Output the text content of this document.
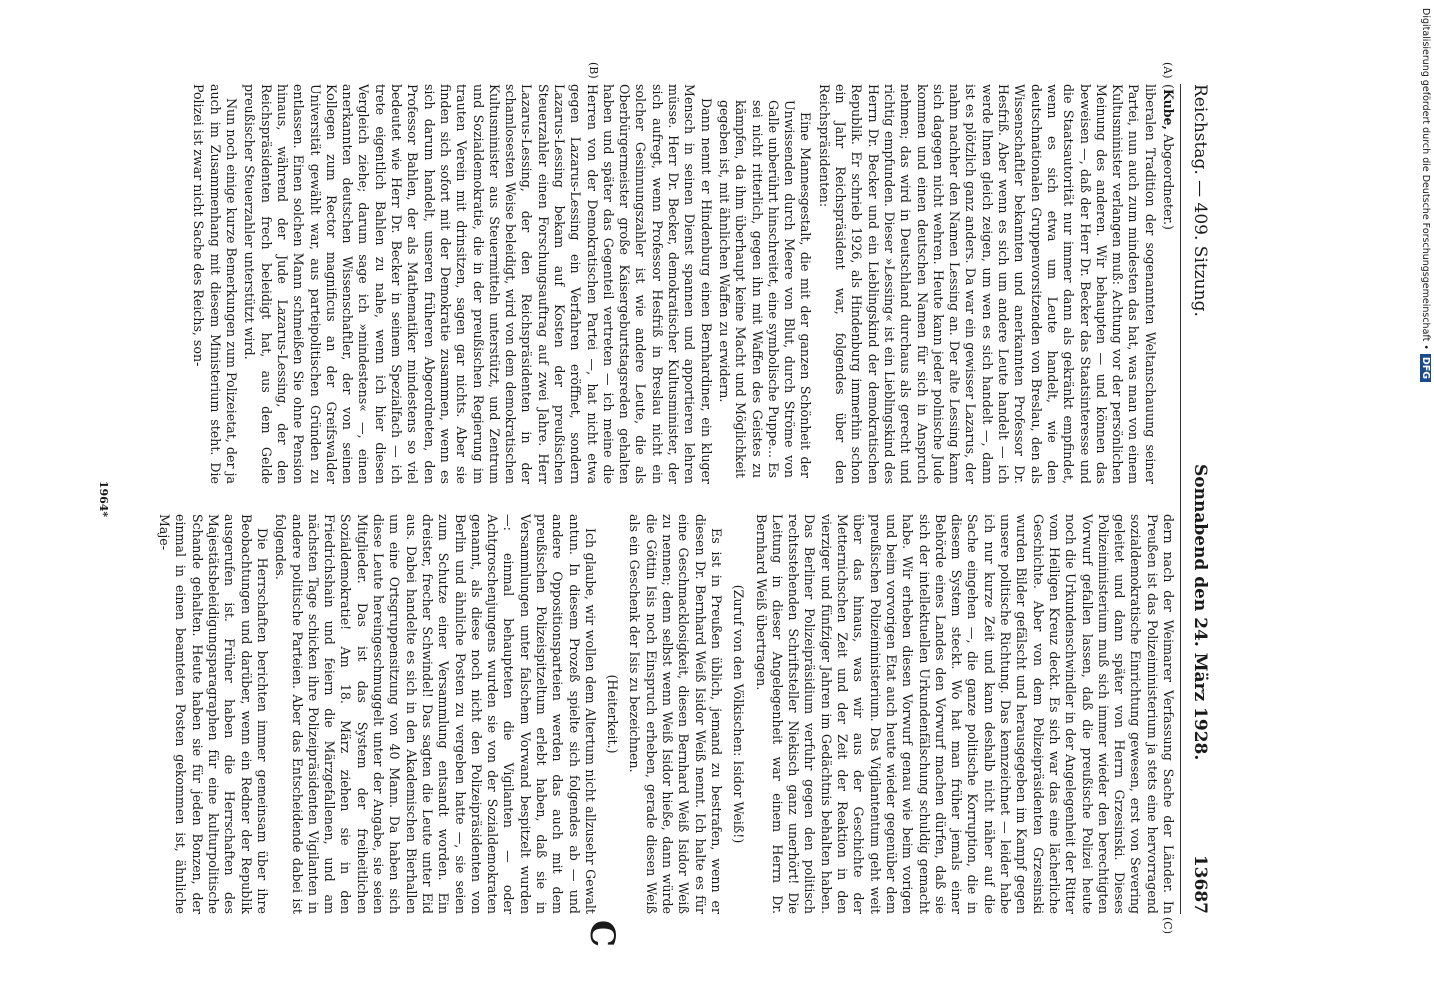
Reichstag. — 409. Sitzung.
Sonnabend den 24. März 1928.
13687
(A)
(B)
(C)
C

(Kube, Abgeordneter.)

liberalen Tradition der sogenannten Weltanschauung seiner Partei, nun auch zum mindesten das hat, was man von einem Kultusminister verlangen muß: Achtung vor der persönlichen Meinung des anderen. Wir behaupten — und können das beweisen —, daß der Herr Dr. Becker das Staatsinteresse und die Staatsautorität nur immer dann als gekränkt empfindet, wenn es sich etwa um Leute handelt, wie den deutschnationalen Gruppenvorsitzenden von Breslau, den als Wissenschaftler bekannten und anerkannten Professor Dr. Hesfriß. Aber wenn es sich um andere Leute handelt — ich werde Ihnen gleich zeigen, um wen es sich handelt —, dann ist es plötzlich ganz anders. Da war ein gewisser Lazarus, der nahm nachher den Namen Lessing an. Der alte Lessing kann sich dagegen nicht wehren. Heute kann jeder polnische Jude kommen und einen deutschen Namen für sich in Anspruch nehmen; das wird in Deutschland durchaus als gerecht und richtig empfunden. Dieser »Lessing« ist ein Lieblingskind des Herrn Dr. Becker und ein Lieblingskind der demokratischen Republik. Er schrieb 1926, als Hindenburg immerhin schon ein Jahr Reichspräsident war, folgendes über den Reichspräsidenten:

Eine Mannesgestalt, die mit der ganzen Schönheit der Unwissenden durch Meere von Blut, durch Ströme von Galle unberührt hinschreitet, eine symbolische Puppe... Es sei nicht ritterlich, gegen ihn mit Waffen des Geistes zu kämpfen, da ihm überhaupt keine Macht und Möglichkeit gegeben ist, mit ähnlichen Waffen zu erwidern.

Dann nennt er Hindenburg einen Bernhardiner, ein kluger Mensch in seinen Dienst spannen und apportieren lehren müsse. Herr Dr. Becker, demokratischer Kultusminister, der sich aufregt, wenn Professor Hesfriß in Breslau nicht ein solcher Gesinnungszahler ist wie andere Leute, die als Oberbürgermeister große Kaisergeburtstagsreden gehalten haben und später das Gegenteil vertreten — ich meine die Herren von der Demokratischen Partei —, hat nicht etwa gegen Lazarus-Lessing ein Verfahren eröffnet, sondern Lazarus-Lessing bekam auf Kosten der preußischen Steuerzahler einen Forschungsauftrag auf zwei Jahre. Herr Lazarus-Lessing, der den Reichspräsidenten in der schamlosesten Weise beleidigt, wird von dem demokratischen Kultusminister aus Steuermitteln unterstützt, und Zentrum und Sozialdemokratie, die in der preußischen Regierung im trauten Verein mit drinsitzen, sagen gar nichts. Aber sie finden sich sofort mit der Demokratie zusammen, wenn es sich darum handelt, unseren früheren Abgeordneten, den Professor Bahlen, der als Mathematiker mindestens so viel bedeutet wie Herr Dr. Becker in seinem Spezialfach — ich trete eigentlich Bahlen zu nahe, wenn ich hier diesen Vergleich ziehe; darum sage ich »mindestens« —, einen anerkannten deutschen Wissenschaftler, der von seinen Kollegen zum Rector magnificus an der Greifswalder Universität gewählt war, aus parteipolitischen Gründen zu entlassen. Einen solchen Mann schmeißen Sie ohne Pension hinaus, während der Jude Lazarus-Lessing, der den Reichspräsidenten frech beleidigt hat, aus dem Gelde preußischer Steuerzahler unterstützt wird.

Nun noch einige kurze Bemerkungen zum Polizeietat, der ja auch im Zusammenhang mit diesem Ministerium steht. Die Polizei ist zwar nicht Sache des Reichs, son-

dern nach der Weimarer Verfassung Sache der Länder. In Preußen ist das Polizeiministerium ja stets eine hervorragend sozialdemokratische Einrichtung gewesen, erst von Severing geleitet und dann später von Herrn Grzesinski. Dieses Polizeiministerium muß sich immer wieder den berechtigten Vorwurf gefallen lassen, daß die preußische Polizei heute noch die Urkundenschwindler in der Angelegenheit der Ritter vom Heiligen Kreuz deckt. Es sich war das eine lächerliche Geschichte. Aber von dem Polizeipräsidenten Grzesinski wurden Bilder gefälscht und herausgegeben im Kampf gegen unsere politische Richtung. Das kennzeichnet — leider habe ich nur kurze Zeit und kann deshalb nicht näher auf die Sache eingehen —, die ganze politische Korruption, die in diesem System steckt. Wo hat man früher jemals einer Behörde eines Landes den Vorwurf machen dürfen, daß sie sich der intellektuellen Urkundenfälschung schuldig gemacht habe. Wir erheben diesen Vorwurf genau wie beim vorigen und beim vorvorigen Etat auch heute wieder gegenüber dem preußischen Polizeiministerium. Das Vigilantentum geht weit über das hinaus, was wir aus der Geschichte der Metternichschen Zeit und der Zeit der Reaktion in den vierziger und fünfziger Jahren im Gedächtnis behalten haben. Das Berliner Polizeipräsidium verfuhr gegen den politisch rechtsstehenden Schriftsteller Niekisch ganz unerhört! Die Leitung in dieser Angelegenheit war einem Herrn Dr. Bernhard Weiß übertragen.

(Zuruf von den Völkischen: Isidor Weiß!)

Es ist in Preußen üblich, jemand zu bestrafen, wenn er diesen Dr. Bernhard Weiß Isidor Weiß nennt. Ich halte es für eine Geschmacklosigkeit, diesen Bernhard Weiß Isidor Weiß zu nennen; denn selbst wenn Weiß Isidor hieße, dann würde die Göttin Isis noch Einspruch erheben, gerade diesen Weiß als ein Geschenk der Isis zu bezeichnen.

(Heiterkeit.)

Ich glaube, wir wollen dem Altertum nicht allzusehr Gewalt antun. In diesem Prozeß spielte sich folgendes ab — und andere Oppositionsparteien werden das auch mit dem preußischen Polizeispitzeltum erlebt haben, daß sie in Versammlungen unter falschem Vorwand bespitzelt wurden —: einmal behaupteten die Vigilanten — oder Achtgroschenjungens wurden sie von der Sozialdemokraten genannt, als diese noch nicht den Polizeipräsidenten von Berlin und ähnliche Posten zu vergeben hatte —, sie seien zum Schutze einer Versammlung entsandt worden. Ein dreister, frecher Schwindel! Das sagten die Leute unter Eid aus. Dabei handelte es sich in den Akademischen Bierhallen um eine Ortsgruppensitzung von 40 Mann. Da haben sich diese Leute hereingeschmuggelt unter der Angabe, sie seien Mitglieder. Das ist das System der freiheitlichen Sozialdemokratie! Am 18. März ziehen sie in den Friedrichshain und feiern die Märzgefallenen, und am nächsten Tage schicken ihre Polizeipräsidenten Vigilanten in andere politische Parteien. Aber das Entscheidende dabei ist folgendes.

Die Herrschaften berichten immer gemeinsam über ihre Beobachtungen und darüber, wenn ein Redner der Republik ausgerufen ist. Früher haben die Herrschaften des Majestätsbeleidigungsparagraphen für eine kulturpolitische Schande gehalten. Heute haben sie für jeden Bonzen, der einmal in einen beamteten Posten gekommen ist, ähnliche Maje-

1964*
Digitalisierung gefördert durch die Deutsche Forschungsgemeinschaft •DFG
